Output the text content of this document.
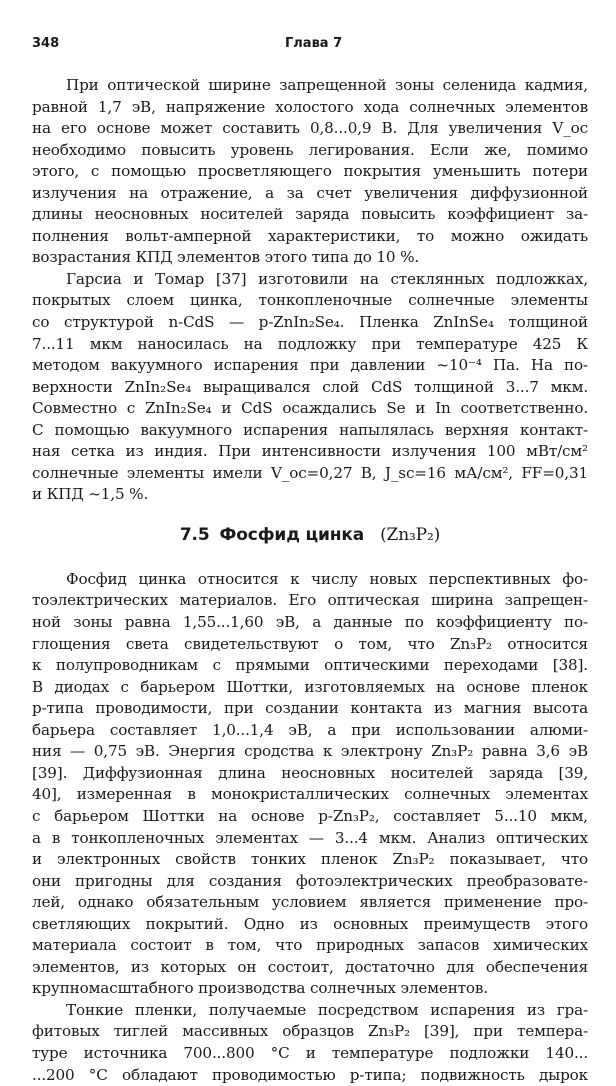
348	Глава 7
При оптической ширине запрещенной зоны селенида кадмия,
равной 1,7 эВ, напряжение холостого хода солнечных элементов
на его основе может составить 0,8...0,9 В. Для увеличения V_oc
необходимо повысить уровень легирования. Если же, помимо
этого, с помощью просветляющего покрытия уменьшить потери
излучения на отражение, а за счет увеличения диффузионной
длины неосновных носителей заряда повысить коэффициент за-
полнения вольт-амперной характеристики, то можно ожидать
возрастания КПД элементов этого типа до 10 %.
Гарсиа и Томар [37] изготовили на стеклянных подложках,
покрытых слоем цинка, тонкопленочные солнечные элементы
со структурой n-CdS — p-ZnIn₂Se₄. Пленка ZnInSe₄ толщиной
7...11 мкм наносилась на подложку при температуре 425 К
методом вакуумного испарения при давлении ~10⁻⁴ Па. На по-
верхности ZnIn₂Se₄ выращивался слой CdS толщиной 3...7 мкм.
Совместно с ZnIn₂Se₄ и CdS осаждались Se и In соответственно.
С помощью вакуумного испарения напылялась верхняя контакт-
ная сетка из индия. При интенсивности излучения 100 мВт/см²
солнечные элементы имели V_oc=0,27 В, J_sc=16 мА/см², FF=0,31
и КПД ~1,5 %.
7.5 Фосфид цинка (Zn₃P₂)
Фосфид цинка относится к числу новых перспективных фо-
тоэлектрических материалов. Его оптическая ширина запрещен-
ной зоны равна 1,55...1,60 эВ, а данные по коэффициенту по-
глощения света свидетельствуют о том, что Zn₃P₂ относится
к полупроводникам с прямыми оптическими переходами [38].
В диодах с барьером Шоттки, изготовляемых на основе пленок
p-типа проводимости, при создании контакта из магния высота
барьера составляет 1,0...1,4 эВ, а при использовании алюми-
ния — 0,75 эВ. Энергия сродства к электрону Zn₃P₂ равна 3,6 эВ
[39]. Диффузионная длина неосновных носителей заряда [39,
40], измеренная в монокристаллических солнечных элементах
с барьером Шоттки на основе p-Zn₃P₂, составляет 5...10 мкм,
а в тонкопленочных элементах — 3...4 мкм. Анализ оптических
и электронных свойств тонких пленок Zn₃P₂ показывает, что
они пригодны для создания фотоэлектрических преобразовате-
лей, однако обязательным условием является применение про-
светляющих покрытий. Одно из основных преимуществ этого
материала состоит в том, что природных запасов химических
элементов, из которых он состоит, достаточно для обеспечения
крупномасштабного производства солнечных элементов.
Тонкие пленки, получаемые посредством испарения из гра-
фитовых тиглей массивных образцов Zn₃P₂ [39], при темпера-
туре источника 700...800 °С и температуре подложки 140...
...200 °С обладают проводимостью p-типа; подвижность дырок
